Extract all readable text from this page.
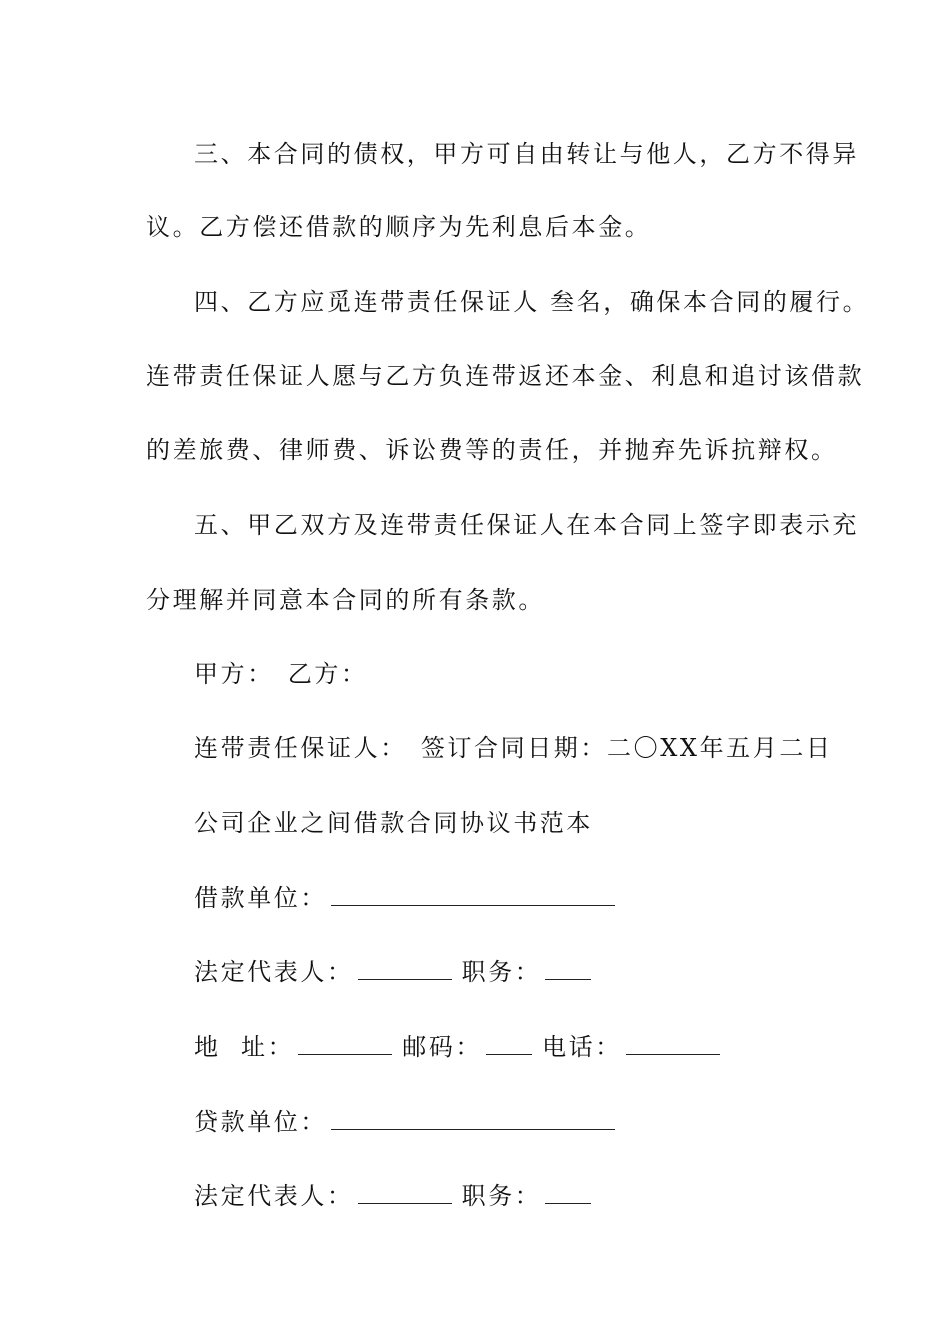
三、本合同的债权，甲方可自由转让与他人，乙方不得异
议。乙方偿还借款的顺序为先利息后本金。
四、乙方应觅连带责任保证人 叁名，确保本合同的履行。
连带责任保证人愿与乙方负连带返还本金、利息和追讨该借款
的差旅费、律师费、诉讼费等的责任，并抛弃先诉抗辩权。
五、甲乙双方及连带责任保证人在本合同上签字即表示充
分理解并同意本合同的所有条款。
甲方： 乙方：
连带责任保证人： 签订合同日期：二〇XX年五月二日
公司企业之间借款合同协议书范本
借款单位：
法定代表人：	职务：
地  址：	邮码：	电话：
贷款单位：
法定代表人：	职务：
